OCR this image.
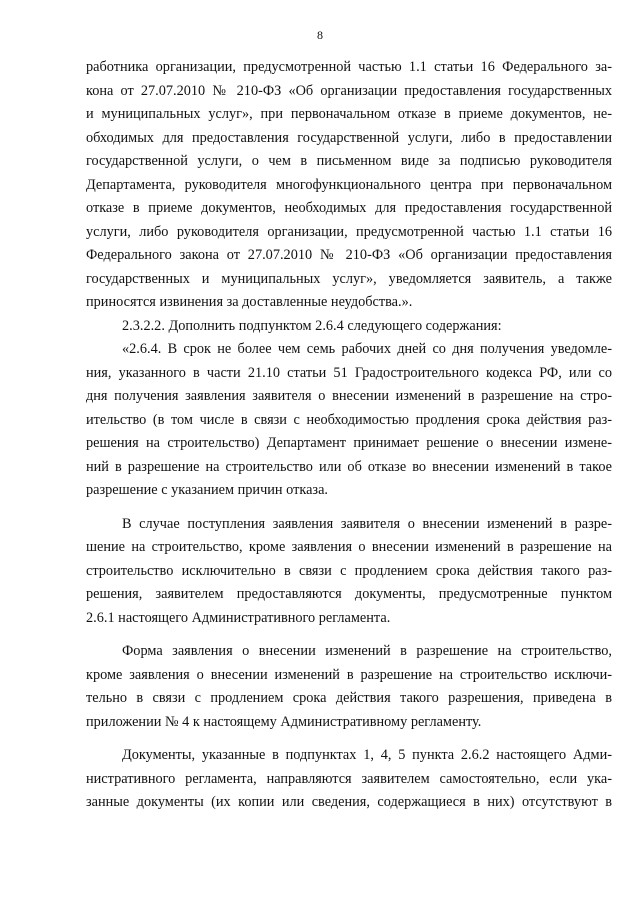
8
работника организации, предусмотренной частью 1.1 статьи 16 Федерального за-
кона от 27.07.2010 № 210-ФЗ «Об организации предоставления государственных
и муниципальных услуг», при первоначальном отказе в приеме документов, не-
обходимых для предоставления государственной услуги, либо в предоставлении
государственной услуги, о чем в письменном виде за подписью руководителя
Департамента, руководителя многофункционального центра при первоначальном
отказе в приеме документов, необходимых для предоставления государственной
услуги, либо руководителя организации, предусмотренной частью 1.1 статьи 16
Федерального закона от 27.07.2010 № 210-ФЗ «Об организации предоставления
государственных и муниципальных услуг», уведомляется заявитель, а также
приносятся извинения за доставленные неудобства.».
2.3.2.2. Дополнить подпунктом 2.6.4 следующего содержания:
«2.6.4. В срок не более чем семь рабочих дней со дня получения уведомле-
ния, указанного в части 21.10 статьи 51 Градостроительного кодекса РФ, или со
дня получения заявления заявителя о внесении изменений в разрешение на стро-
ительство (в том числе в связи с необходимостью продления срока действия раз-
решения на строительство) Департамент принимает решение о внесении измене-
ний в разрешение на строительство или об отказе во внесении изменений в такое
разрешение с указанием причин отказа.
В случае поступления заявления заявителя о внесении изменений в разре-
шение на строительство, кроме заявления о внесении изменений в разрешение на
строительство исключительно в связи с продлением срока действия такого раз-
решения, заявителем предоставляются документы, предусмотренные пунктом
2.6.1 настоящего Административного регламента.
Форма заявления о внесении изменений в разрешение на строительство,
кроме заявления о внесении изменений в разрешение на строительство исключи-
тельно в связи с продлением срока действия такого разрешения, приведена в
приложении № 4 к настоящему Административному регламенту.
Документы, указанные в подпунктах 1, 4, 5 пункта 2.6.2 настоящего Адми-
нистративного регламента, направляются заявителем самостоятельно, если ука-
занные документы (их копии или сведения, содержащиеся в них) отсутствуют в
